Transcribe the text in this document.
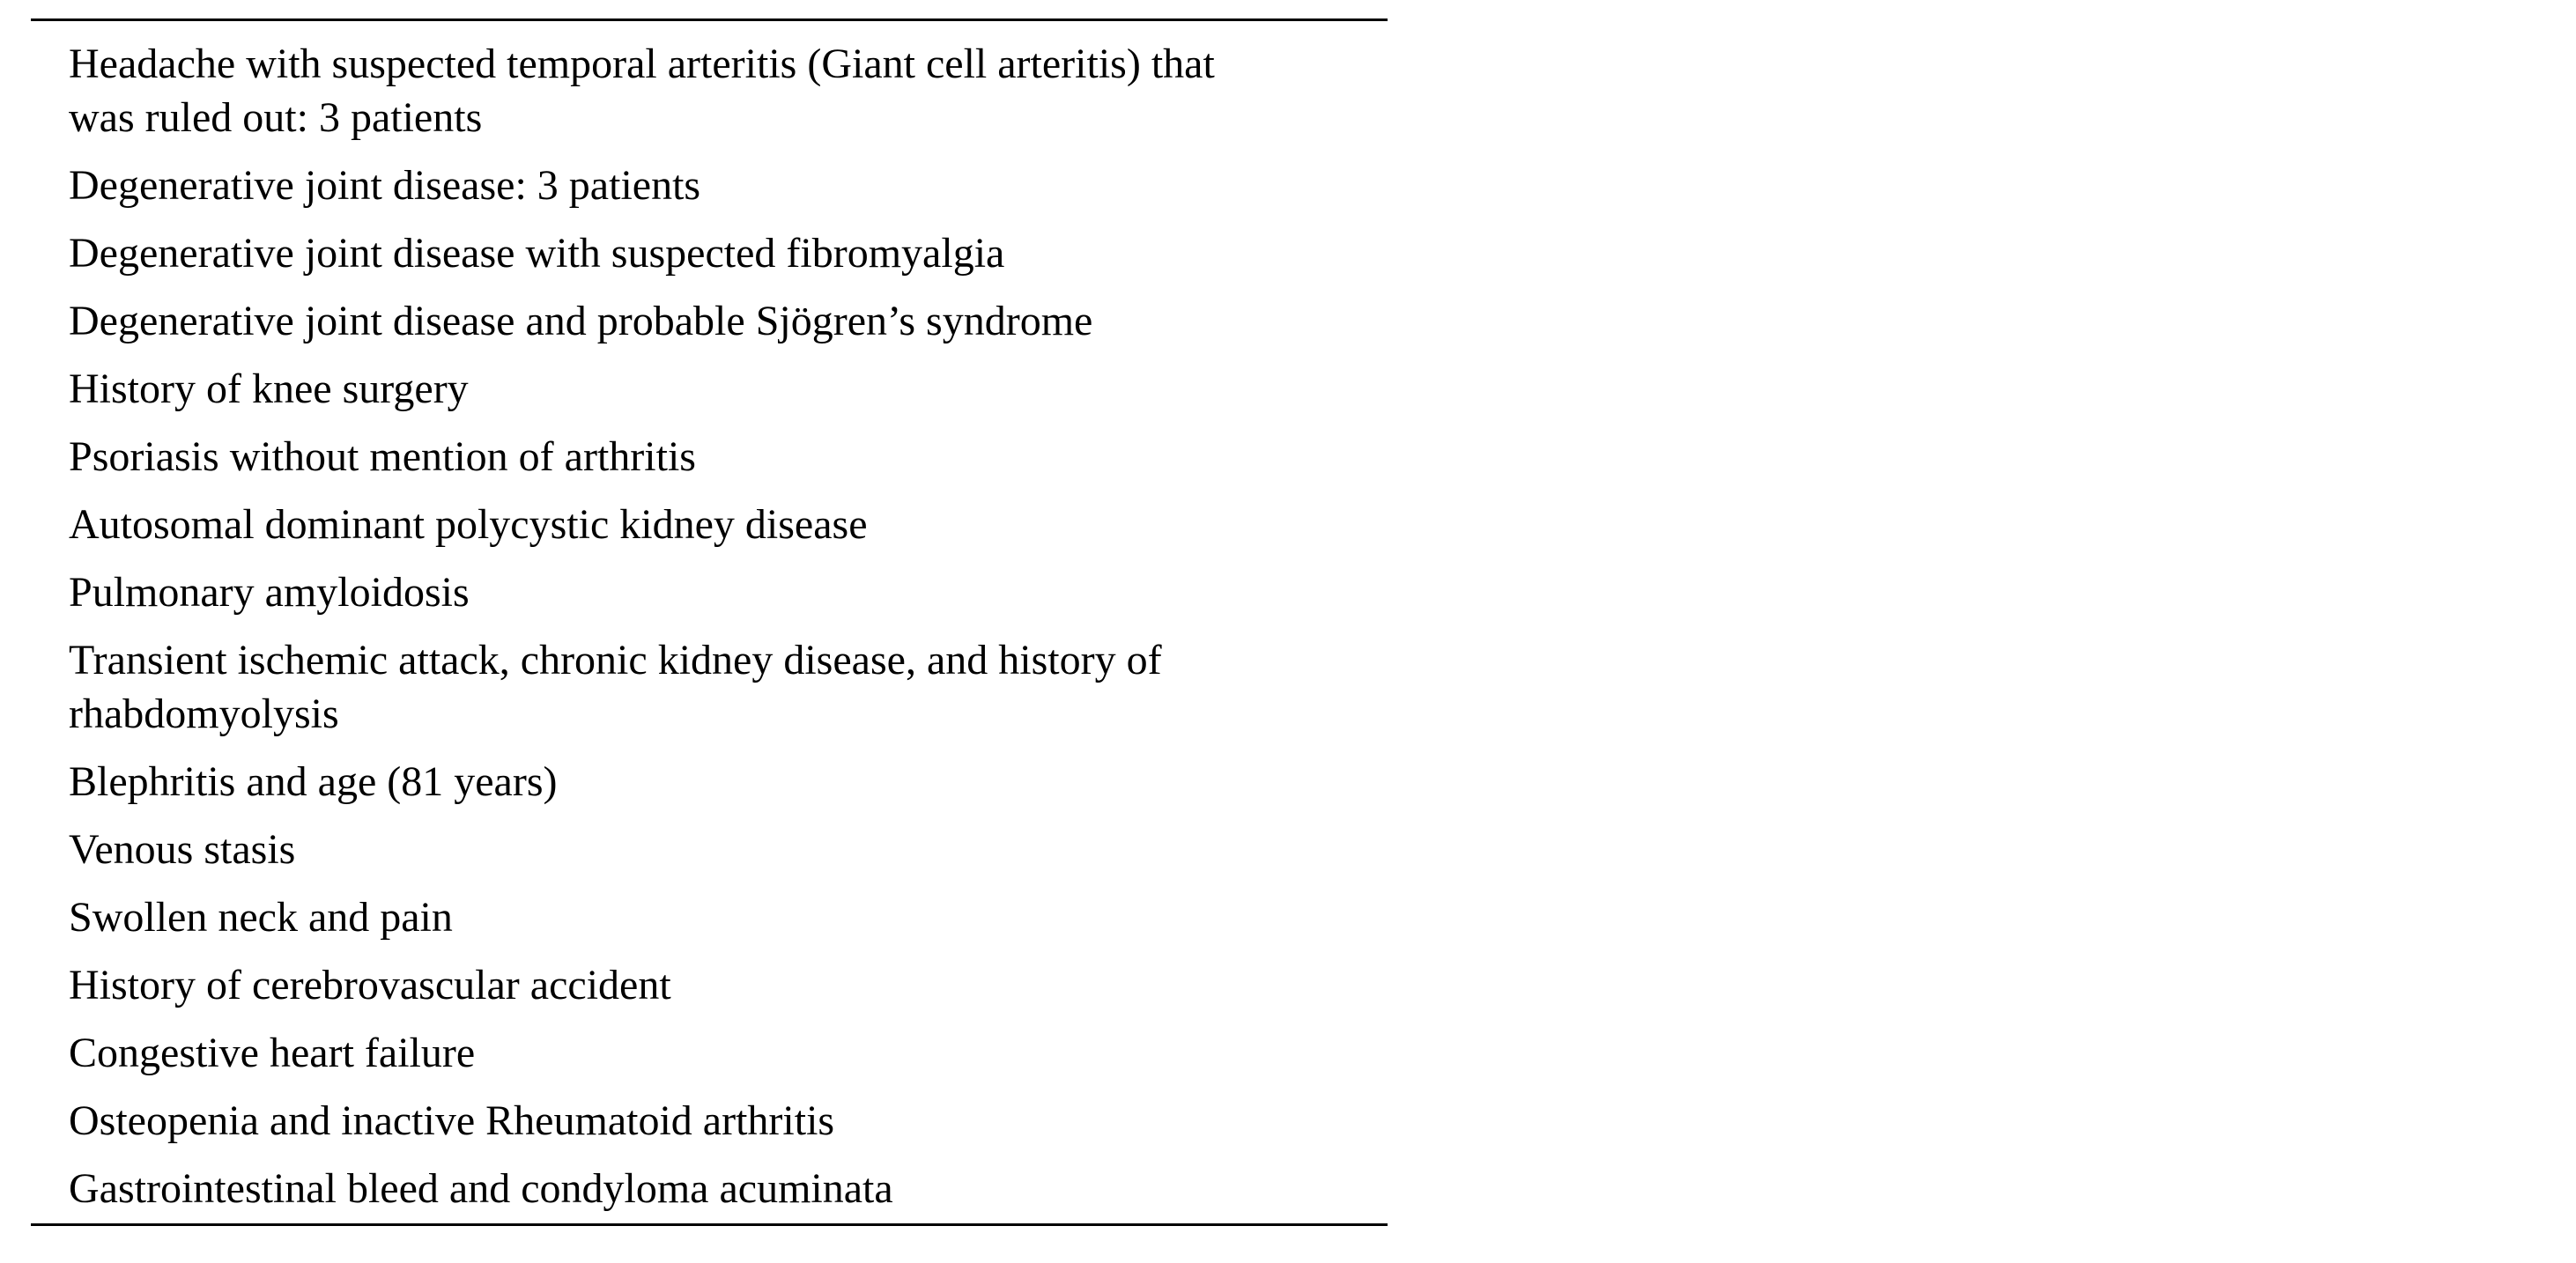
Headache with suspected temporal arteritis (Giant cell arteritis) that was ruled out: 3 patients
Degenerative joint disease: 3 patients
Degenerative joint disease with suspected fibromyalgia
Degenerative joint disease and probable Sjögren’s syndrome
History of knee surgery
Psoriasis without mention of arthritis
Autosomal dominant polycystic kidney disease
Pulmonary amyloidosis
Transient ischemic attack, chronic kidney disease, and history of rhabdomyolysis
Blephritis and age (81 years)
Venous stasis
Swollen neck and pain
History of cerebrovascular accident
Congestive heart failure
Osteopenia and inactive Rheumatoid arthritis
Gastrointestinal bleed and condyloma acuminata
